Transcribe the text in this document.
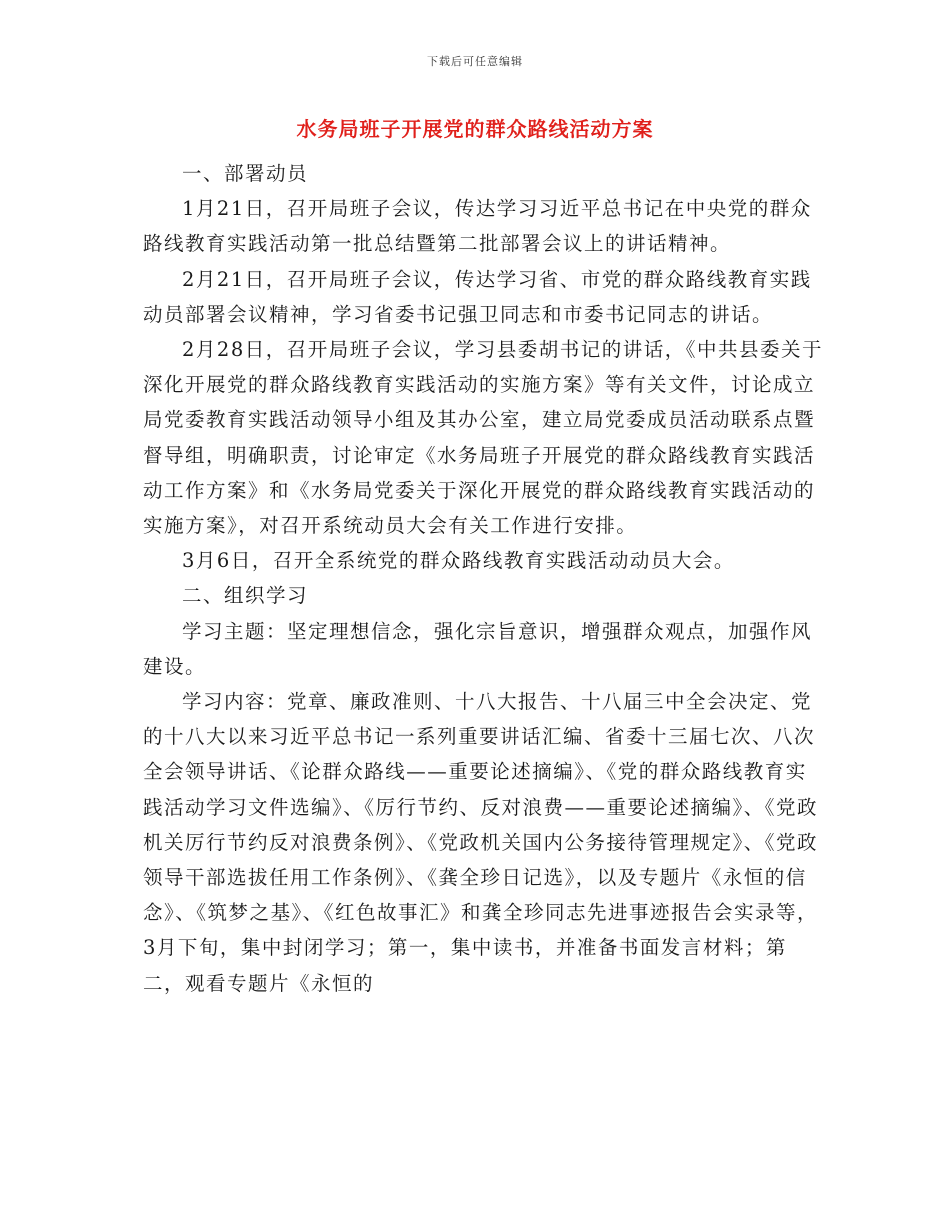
下载后可任意编辑
水务局班子开展党的群众路线活动方案

一、部署动员

1月21日，召开局班子会议，传达学习习近平总书记在中央党的群众路线教育实践活动第一批总结暨第二批部署会议上的讲话精神。

2月21日，召开局班子会议，传达学习省、市党的群众路线教育实践动员部署会议精神，学习省委书记强卫同志和市委书记同志的讲话。

2月28日，召开局班子会议，学习县委胡书记的讲话，《中共县委关于深化开展党的群众路线教育实践活动的实施方案》等有关文件，讨论成立局党委教育实践活动领导小组及其办公室，建立局党委成员活动联系点暨督导组，明确职责，讨论审定《水务局班子开展党的群众路线教育实践活动工作方案》和《水务局党委关于深化开展党的群众路线教育实践活动的实施方案》，对召开系统动员大会有关工作进行安排。

3月6日，召开全系统党的群众路线教育实践活动动员大会。

二、组织学习

学习主题：坚定理想信念，强化宗旨意识，增强群众观点，加强作风建设。

学习内容：党章、廉政准则、十八大报告、十八届三中全会决定、党的十八大以来习近平总书记一系列重要讲话汇编、省委十三届七次、八次全会领导讲话、《论群众路线——重要论述摘编》、《党的群众路线教育实践活动学习文件选编》、《厉行节约、反对浪费——重要论述摘编》、《党政机关厉行节约反对浪费条例》、《党政机关国内公务接待管理规定》、《党政领导干部选拔任用工作条例》、《龚全珍日记选》，以及专题片《永恒的信念》、《筑梦之基》、《红色故事汇》和龚全珍同志先进事迹报告会实录等，3月下旬，集中封闭学习；第一，集中读书，并准备书面发言材料；第二，观看专题片《永恒的
